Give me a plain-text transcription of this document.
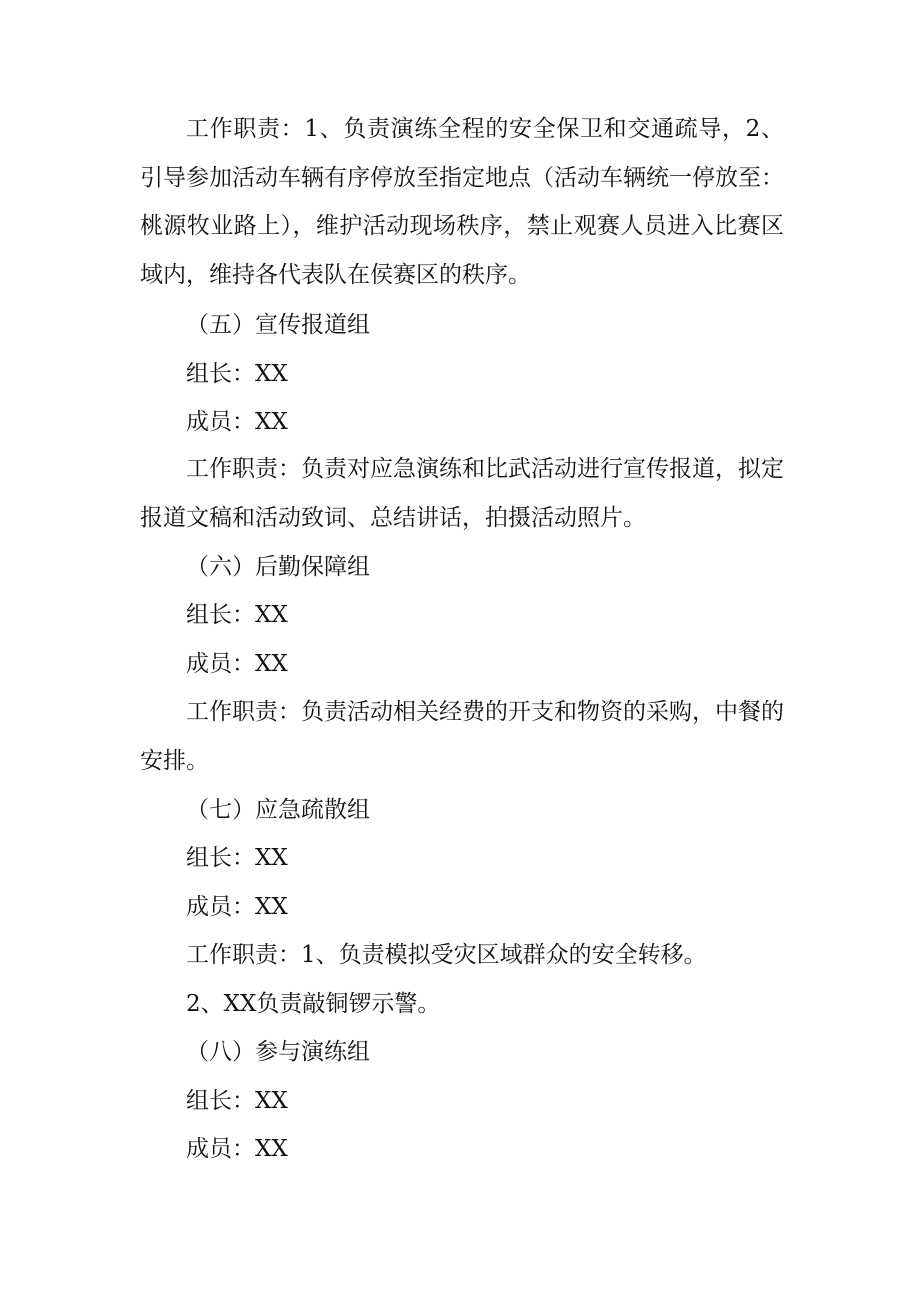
工作职责：1、负责演练全程的安全保卫和交通疏导，2、引导参加活动车辆有序停放至指定地点（活动车辆统一停放至：桃源牧业路上），维护活动现场秩序，禁止观赛人员进入比赛区域内，维持各代表队在侯赛区的秩序。

（五）宣传报道组

组长：XX

成员：XX

工作职责：负责对应急演练和比武活动进行宣传报道，拟定报道文稿和活动致词、总结讲话，拍摄活动照片。

（六）后勤保障组

组长：XX

成员：XX

工作职责：负责活动相关经费的开支和物资的采购，中餐的安排。

（七）应急疏散组

组长：XX

成员：XX

工作职责：1、负责模拟受灾区域群众的安全转移。

2、XX负责敲铜锣示警。

（八）参与演练组

组长：XX

成员：XX
